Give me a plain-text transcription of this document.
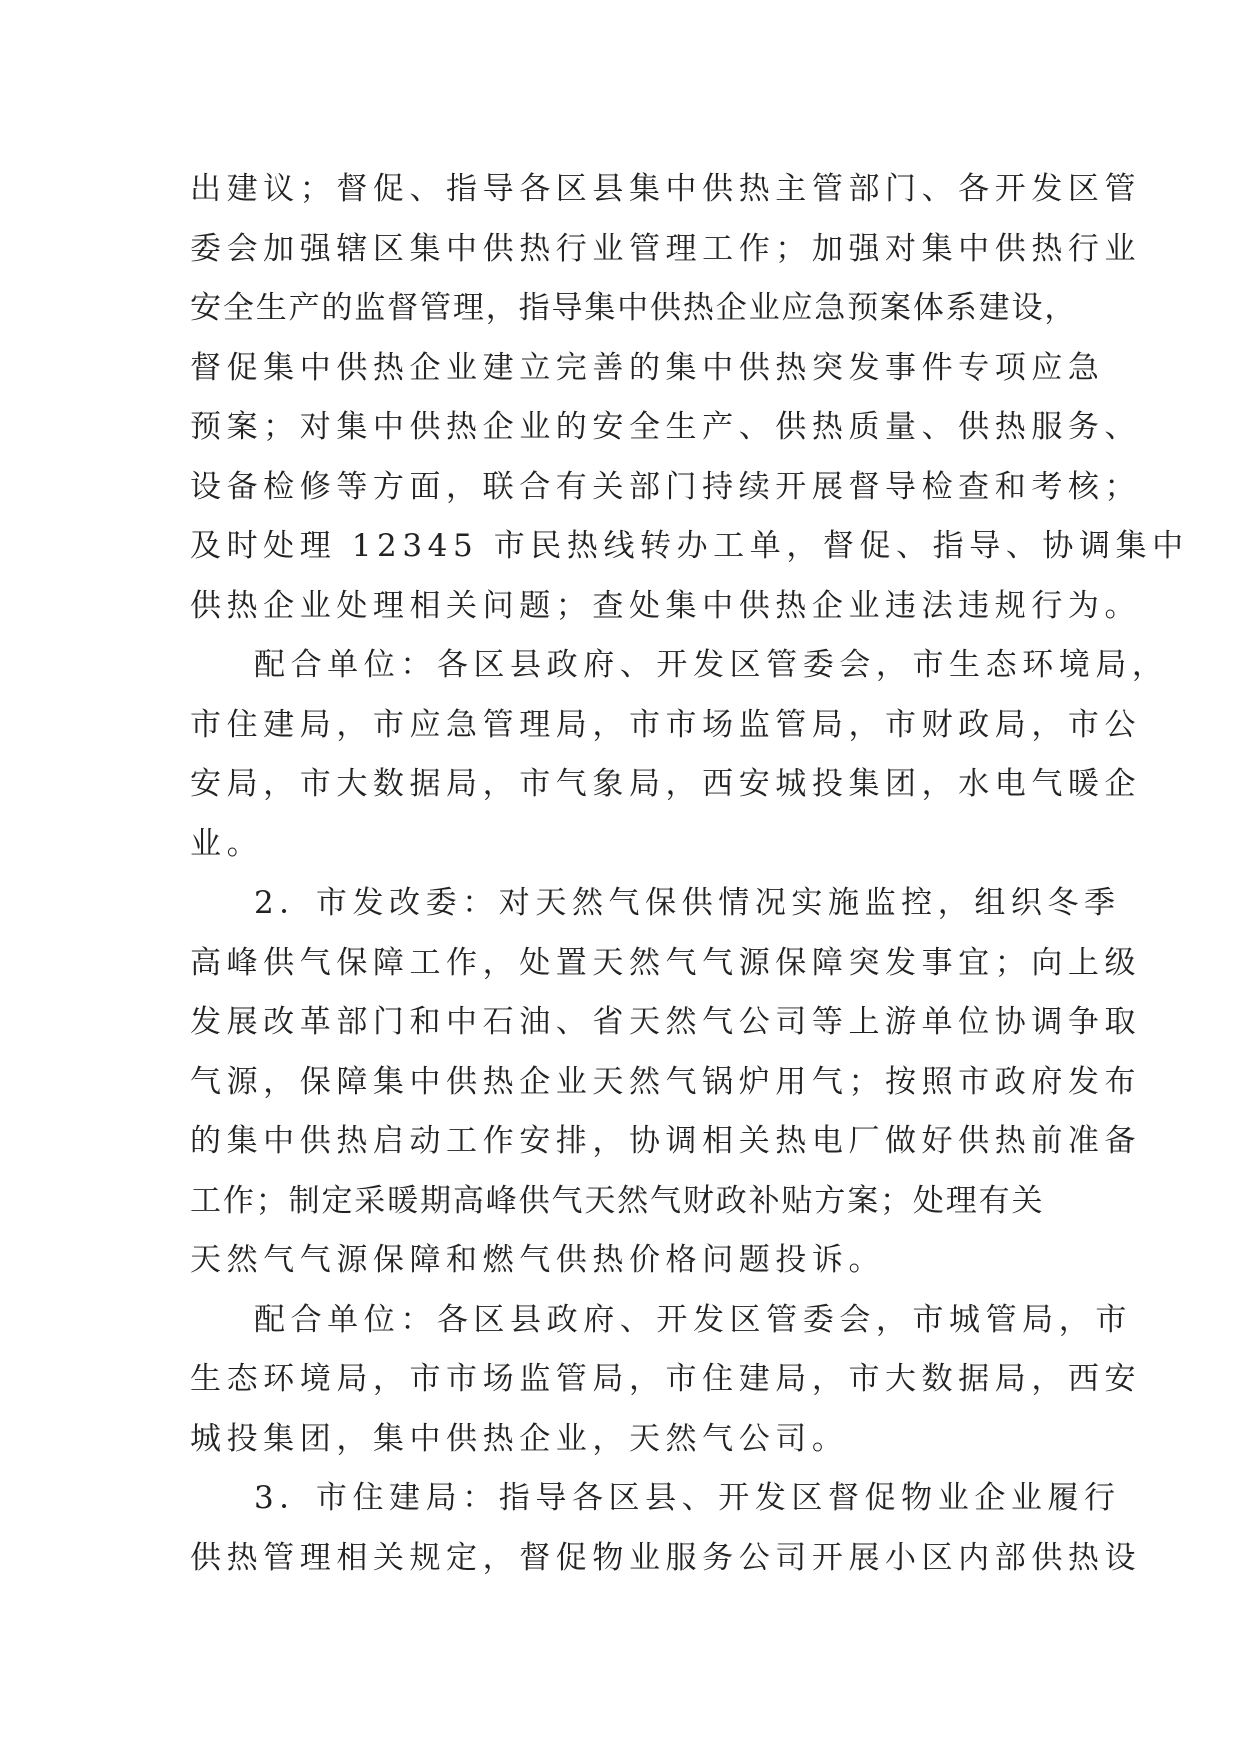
出建议；督促、指导各区县集中供热主管部门、各开发区管
委会加强辖区集中供热行业管理工作；加强对集中供热行业
安全生产的监督管理，指导集中供热企业应急预案体系建设，
督促集中供热企业建立完善的集中供热突发事件专项应急
预案；对集中供热企业的安全生产、供热质量、供热服务、
设备检修等方面，联合有关部门持续开展督导检查和考核；
及时处理 12345 市民热线转办工单，督促、指导、协调集中
供热企业处理相关问题；查处集中供热企业违法违规行为。
配合单位：各区县政府、开发区管委会，市生态环境局，
市住建局，市应急管理局，市市场监管局，市财政局，市公
安局，市大数据局，市气象局，西安城投集团，水电气暖企
业。
2．市发改委：对天然气保供情况实施监控，组织冬季
高峰供气保障工作，处置天然气气源保障突发事宜；向上级
发展改革部门和中石油、省天然气公司等上游单位协调争取
气源，保障集中供热企业天然气锅炉用气；按照市政府发布
的集中供热启动工作安排，协调相关热电厂做好供热前准备
工作；制定采暖期高峰供气天然气财政补贴方案；处理有关
天然气气源保障和燃气供热价格问题投诉。
配合单位：各区县政府、开发区管委会，市城管局，市
生态环境局，市市场监管局，市住建局，市大数据局，西安
城投集团，集中供热企业，天然气公司。
3．市住建局：指导各区县、开发区督促物业企业履行
供热管理相关规定，督促物业服务公司开展小区内部供热设
